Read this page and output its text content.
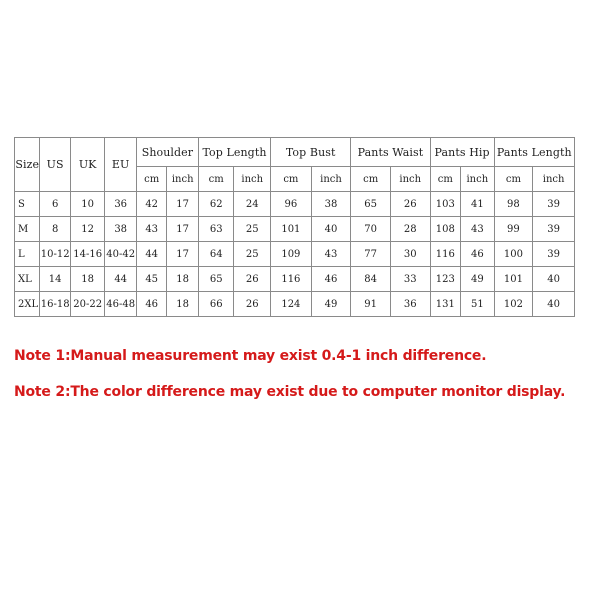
Size	US	UK	EU	Shoulder		Top Length		Top Bust		Pants Waist		Pants Hip		Pants Length	
				cm	inch	cm	inch	cm	inch	cm	inch	cm	inch	cm	inch
S	6	10	36	42	17	62	24	96	38	65	26	103	41	98	39
M	8	12	38	43	17	63	25	101	40	70	28	108	43	99	39
L	10-12	14-16	40-42	44	17	64	25	109	43	77	30	116	46	100	39
XL	14	18	44	45	18	65	26	116	46	84	33	123	49	101	40
2XL	16-18	20-22	46-48	46	18	66	26	124	49	91	36	131	51	102	40
Note 1:Manual measurement may exist 0.4-1 inch difference.
Note 2:The color difference may exist due to computer monitor display.
